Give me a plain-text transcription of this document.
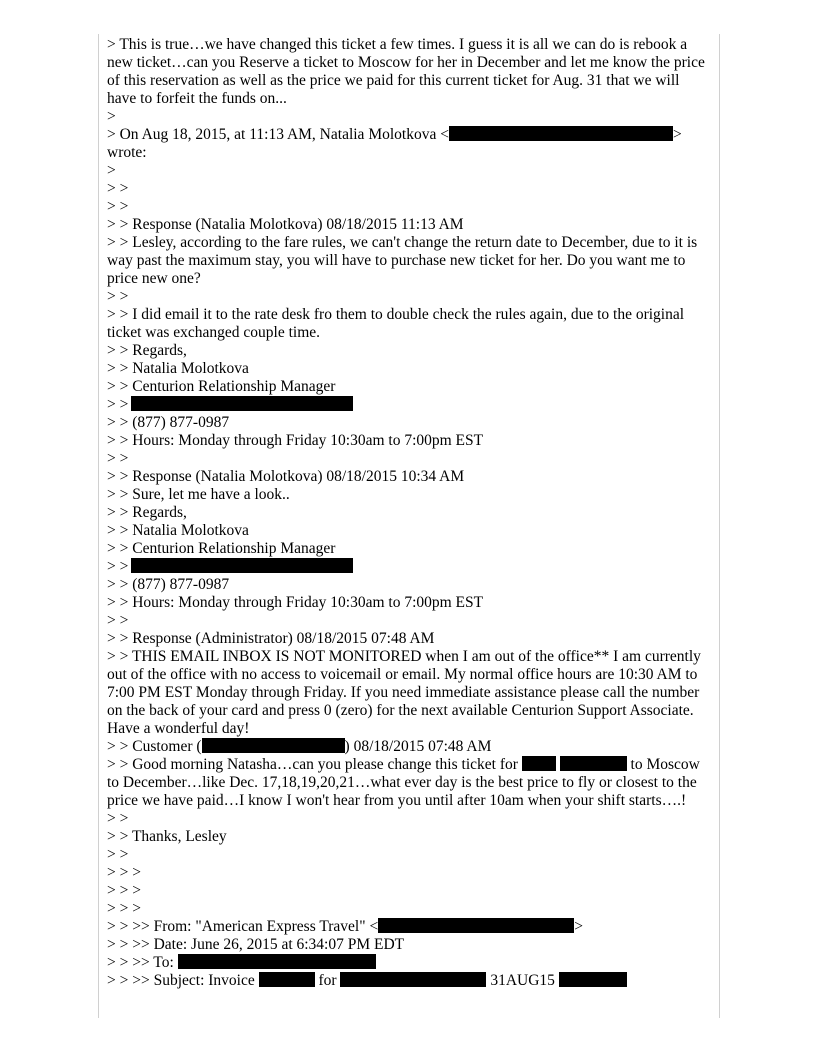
> This is true…we have changed this ticket a few times. I guess it is all we can do is rebook a new ticket…can you Reserve a ticket to Moscow for her in December and let me know the price of this reservation as well as the price we paid for this current ticket for Aug. 31 that we will have to forfeit the funds on...

>

> On Aug 18, 2015, at 11:13 AM, Natalia Molotkova <	>

wrote:

>

> >

> >

> > Response (Natalia Molotkova) 08/18/2015 11:13 AM

> > Lesley, according to the fare rules, we can't change the return date to December, due to it is way past the maximum stay, you will have to purchase new ticket for her. Do you want me to price new one?

> >

> > I did email it to the rate desk fro them to double check the rules again, due to the original ticket was exchanged couple time.

> > Regards,

> > Natalia Molotkova

> > Centurion Relationship Manager

> >

> > (877) 877-0987

> > Hours: Monday through Friday 10:30am to 7:00pm EST

> >

> > Response (Natalia Molotkova) 08/18/2015 10:34 AM

> > Sure, let me have a look..

> > Regards,

> > Natalia Molotkova

> > Centurion Relationship Manager

> >

> > (877) 877-0987

> > Hours: Monday through Friday 10:30am to 7:00pm EST

> >

> > Response (Administrator) 08/18/2015 07:48 AM

> > THIS EMAIL INBOX IS NOT MONITORED when I am out of the office** I am currently out of the office with no access to voicemail or email. My normal office hours are 10:30 AM to 7:00 PM EST Monday through Friday. If you need immediate assistance please call the number on the back of your card and press 0 (zero) for the next available Centurion Support Associate. Have a wonderful day!

> > Customer (	) 08/18/2015 07:48 AM

> > Good morning Natasha…can you please change this ticket for	to Moscow to December…like Dec. 17,18,19,20,21…what ever day is the best price to fly or closest to the price we have paid…I know I won't hear from you until after 10am when your shift starts….!

> >

> > Thanks, Lesley

> >

> > >

> > >

> > >

> > >> From: "American Express Travel" <	>

> > >> Date: June 26, 2015 at 6:34:07 PM EDT

> > >> To:

> > >> Subject: Invoice	for	31AUG15
